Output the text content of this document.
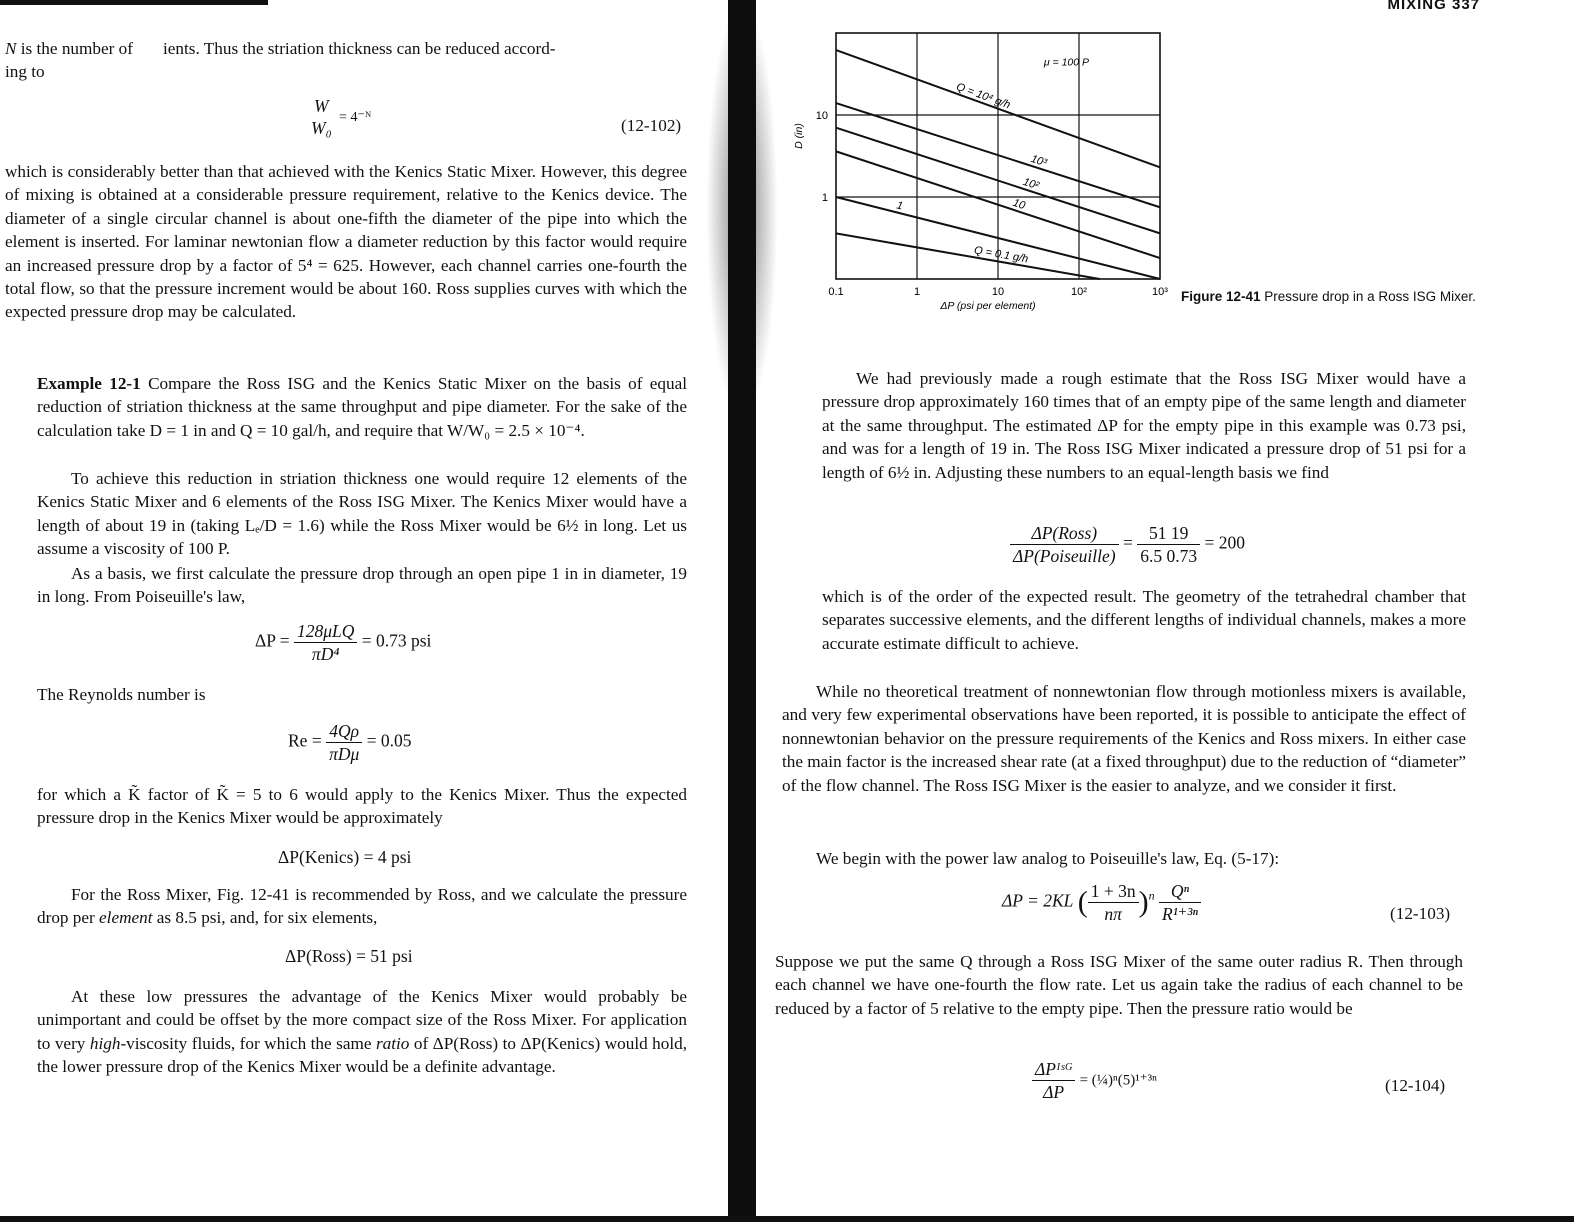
N is the number of ients. Thus the striation thickness can be reduced accord-
ing to

W
W₀
= 4⁻ᴺ	(12-102)

which is considerably better than that achieved with the Kenics Static Mixer. However, this degree of mixing is obtained at a considerable pressure requirement, relative to the Kenics device. The diameter of a single circular channel is about one-fifth the diameter of the pipe into which the element is inserted. For laminar newtonian flow a diameter reduction by this factor would require an increased pressure drop by a factor of 5⁴ = 625. However, each channel carries one-fourth the total flow, so that the pressure increment would be about 160. Ross supplies curves with which the expected pressure drop may be calculated.

Example 12-1 Compare the Ross ISG and the Kenics Static Mixer on the basis of equal reduction of striation thickness at the same throughput and pipe diameter. For the sake of the calculation take D = 1 in and Q = 10 gal/h, and require that W/W₀ = 2.5 × 10⁻⁴.

To achieve this reduction in striation thickness one would require 12 elements of the Kenics Static Mixer and 6 elements of the Ross ISG Mixer. The Kenics Mixer would have a length of about 19 in (taking Lₑ/D = 1.6) while the Ross Mixer would be 6½ in long. Let us assume a viscosity of 100 P.

As a basis, we first calculate the pressure drop through an open pipe 1 in in diameter, 19 in long. From Poiseuille's law,

$\Delta P = \frac{\text{128μLQ}}{\text{πD⁴}} = 0.73$ psi

The Reynolds number is

$Re = \frac{4Q\rho}{\text{πDμ}} = 0.05$

for which a K̃ factor of K̃ = 5 to 6 would apply to the Kenics Mixer. Thus the expected pressure drop in the Kenics Mixer would be approximately

ΔP(Kenics) = 4 psi

For the Ross Mixer, Fig. 12-41 is recommended by Ross, and we calculate the pressure drop per element as 8.5 psi, and, for six elements,

ΔP(Ross) = 51 psi

At these low pressures the advantage of the Kenics Mixer would probably be unimportant and could be offset by the more compact size of the Ross Mixer. For application to very high-viscosity fluids, for which the same ratio of ΔP(Ross) to ΔP(Kenics) would hold, the lower pressure drop of the Kenics Mixer would be a definite advantage.

MIXING 337
0.1	1	10	10²	10³
10
1
ΔP (psi per element)
D (in)
μ = 100 P
Q = 10⁴ g/h
10³
10²
10
1
Q = 0.1 g/h
Figure 12-41 Pressure drop in a Ross ISG Mixer.

We had previously made a rough estimate that the Ross ISG Mixer would have a pressure drop approximately 160 times that of an empty pipe of the same length and diameter at the same throughput. The estimated ΔP for the empty pipe in this example was 0.73 psi, and was for a length of 19 in. The Ross ISG Mixer indicated a pressure drop of 51 psi for a length of 6½ in. Adjusting these numbers to an equal-length basis we find

$\frac{\text{ΔP(Ross)}}{\text{ΔP(Poiseuille)}} = \frac{51 19}{6.5 0.73} = 200$

which is of the order of the expected result. The geometry of the tetrahedral chamber that separates successive elements, and the different lengths of individual channels, makes a more accurate estimate difficult to achieve.

While no theoretical treatment of nonnewtonian flow through motionless mixers is available, and very few experimental observations have been reported, it is possible to anticipate the effect of nonnewtonian behavior on the pressure requirements of the Kenics and Ross mixers. In either case the main factor is the increased shear rate (at a fixed throughput) due to the reduction of “diameter” of the flow channel. The Ross ISG Mixer is the easier to analyze, and we consider it first.

We begin with the power law analog to Poiseuille's law, Eq. (5-17):

ΔP = 2KL ( $\frac{1 + 3n}{n\pi} )^n \frac{\text{Qⁿ}}{\text{R¹⁺³ⁿ}}$	(12-103)

Suppose we put the same Q through a Ross ISG Mixer of the same outer radius R. Then through each channel we have one-fourth the flow rate. Let us again take the radius of each channel to be reduced by a factor of 5 relative to the empty pipe. Then the pressure ratio would be

$\frac{\text{ΔPᴵˢᴳ}}{\Delta P}$ = (¼)ⁿ(5)¹⁺³ⁿ	(12-104)
